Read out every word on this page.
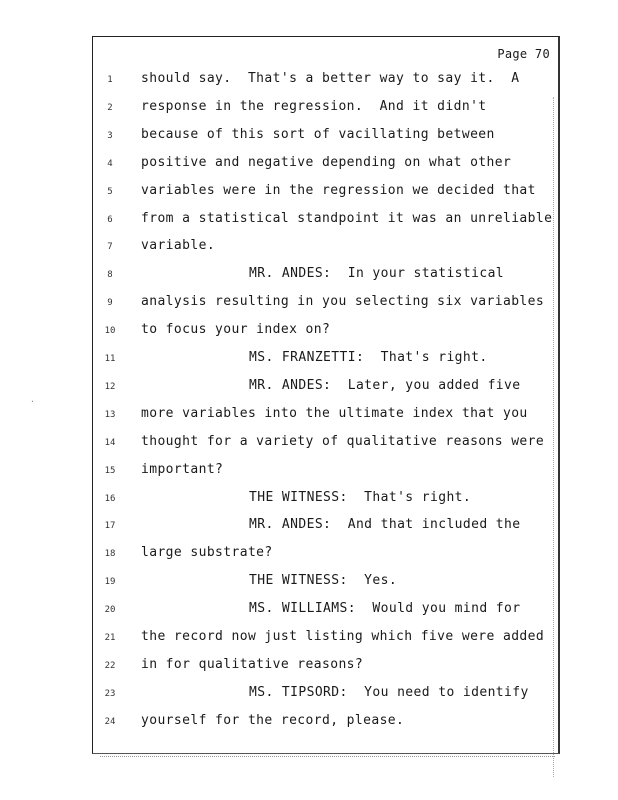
Page 70
1	should say.  That's a better way to say it.  A
2	response in the regression.  And it didn't
3	because of this sort of vacillating between
4	positive and negative depending on what other
5	variables were in the regression we decided that
6	from a statistical standpoint it was an unreliable
7	variable.
8	MR. ANDES:  In your statistical
9	analysis resulting in you selecting six variables
10	to focus your index on?
11	MS. FRANZETTI:  That's right.
12	MR. ANDES:  Later, you added five
13	more variables into the ultimate index that you
14	thought for a variety of qualitative reasons were
15	important?
16	THE WITNESS:  That's right.
17	MR. ANDES:  And that included the
18	large substrate?
19	THE WITNESS:  Yes.
20	MS. WILLIAMS:  Would you mind for
21	the record now just listing which five were added
22	in for qualitative reasons?
23	MS. TIPSORD:  You need to identify
24	yourself for the record, please.
·
